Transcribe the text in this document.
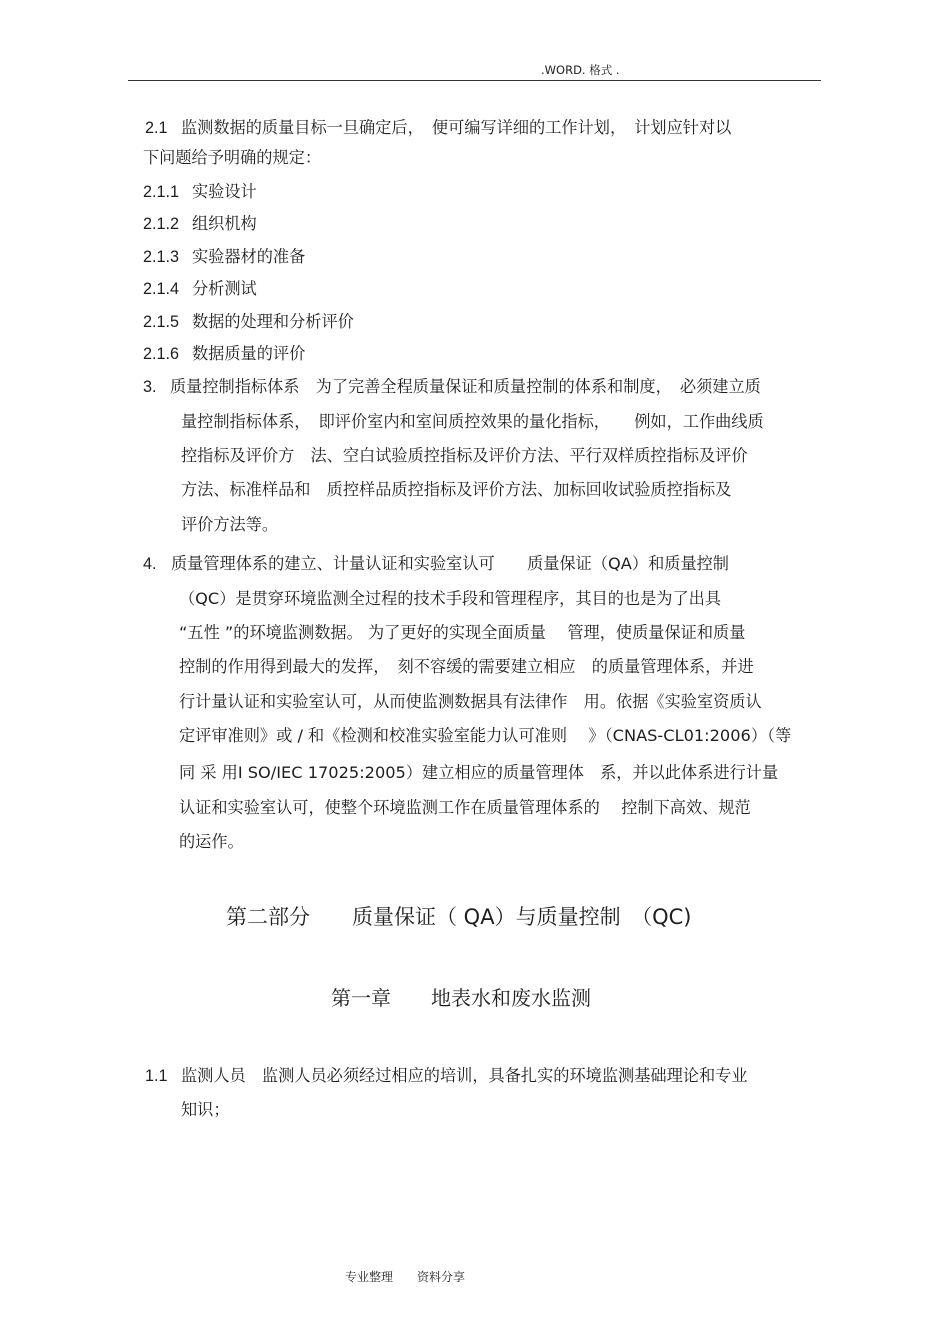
.WORD. 格式 .
2.1 监测数据的质量目标一旦确定后，　便可编写详细的工作计划，　计划应针对以
下问题给予明确的规定：
2.1.1 实验设计
2.1.2 组织机构
2.1.3 实验器材的准备
2.1.4 分析测试
2.1.5 数据的处理和分析评价
2.1.6 数据质量的评价
3. 质量控制指标体系　为了完善全程质量保证和质量控制的体系和制度，　必须建立质
量控制指标体系，　即评价室内和室间质控效果的量化指标，　　例如，工作曲线质
控指标及评价方　法、空白试验质控指标及评价方法、平行双样质控指标及评价
方法、标准样品和　质控样品质控指标及评价方法、加标回收试验质控指标及
评价方法等。
4. 质量管理体系的建立、计量认证和实验室认可　　质量保证（QA）和质量控制
（QC）是贯穿环境监测全过程的技术手段和管理程序，其目的也是为了出具
“五性 ”的环境监测数据。 为了更好的实现全面质量　 管理，使质量保证和质量
控制的作用得到最大的发挥，　刻不容缓的需要建立相应　的质量管理体系，并进
行计量认证和实验室认可，从而使监测数据具有法律作　用。依据《实验室资质认
定评审准则》或 / 和《检测和校准实验室能力认可准则　 》（CNAS-CL01:2006）（等
同 采 用I SO/IEC 17025:2005）建立相应的质量管理体　系，并以此体系进行计量
认证和实验室认可，使整个环境监测工作在质量管理体系的　 控制下高效、规范
的运作。
第二部分　　质量保证（ QA）与质量控制　（QC)
第一章　　地表水和废水监测
1.1 监测人员　监测人员必须经过相应的培训，具备扎实的环境监测基础理论和专业
知识；
专业整理　　资料分享
